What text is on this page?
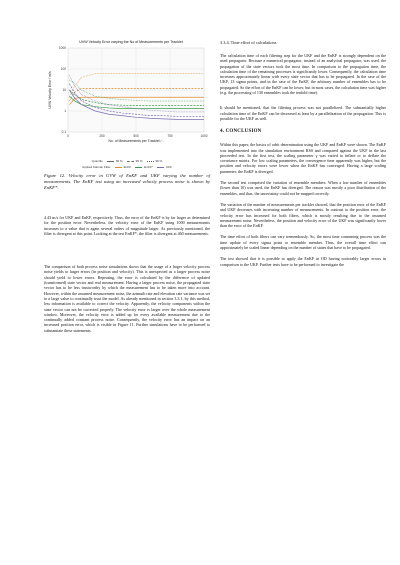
UVW Velocity Error varying the No of Measurements per Tracklet
0.1
1
10
100
1000
0	250	500	750	1000
No. of Measurements per Tracklet / -
UVW Velocity Error / m/s
Quantile	90 %	95 %	99 %
Applied Kalman Filter	EnKF	EnKF*	UKF
Figure 12. Velocity error in UVW of EnKF and UKF varying the number of measurements. The EnKF test using an increased velocity process noise is shown by EnKF*.

4.43 m/s for UKF and EnKF, respectively. Thus, the error of the EnKF is by far larger as determined for the position error. Nevertheless, the velocity error of the EnKF using 1000 measurements increases to a value that is again several orders of magnitude larger. As previously mentioned, the filter is divergent at this point. Looking at the test EnKF*, the filter is divergent at 460 measurements.

The comparison of both process noise simulations shows that the usage of a larger velocity process noise yields to larger errors (in position and velocity). This is unexpected as a larger process noise should yield to lower errors. Repeating, the error is calculated by the difference of updated (transformed) state vector and real measurement. Having a larger process noise, the propagated state vector has to be less trustworthy by which the measurement has to be taken more into account. However, within the assumed measurement noise, the azimuth rate and elevation rate variance was set to a large value to continually trust the model. As already mentioned in section 3.3.1, by this method, less information is available to correct the velocity. Apparently, the velocity components within the state vector can not be corrected properly. The velocity error is larger over the whole measurement window. Moreover, the velocity error is added up for every available measurement due to the continually added constant process noise. Consequently, the velocity error has an impact on an increased position error, which is visible in Figure 11. Further simulations have to be performed to substantiate these statements.

3.3.4. Time effort of calculations

The calculation time of each filtering step for the UKF and the EnKF is strongly dependent on the used propagator. Because a numerical propagator, instead of an analytical propagator, was used, the propagation of the state vectors took the most time. In comparison to the propagation time, the calculation time of the remaining processes is significantly lower. Consequently, the calculation time increases approximately linear with every state vector that has to be propagated. In the case of the UKF, 13 sigma points, and in the case of the EnKF, the arbitrary number of ensembles has to be propagated. So the effort of the EnKF can be lower, but in most cases, the calculation time was higher (e.g. the processing of 130 ensembles took the tenfold time).

It should be mentioned, that the filtering process was not parallelized. The substantially higher calculation time of the EnKF can be decreased at least by a parallelization of the propagation. This is possible for the UKF as well.

4. CONCLUSION

Within this paper, the basics of orbit determination using the UKF and EnKF were shown. The EnKF was implemented into the simulation environment RSS and compared against the UKF in the last proceeded test. In the first test, the scaling parameter γ was varied to inflate or to deflate the covariance matrix. For low scaling parameters, the convergence time apparently was higher, but the position and velocity errors were lower when the EnKF has converged. Having a large scaling parameter, the EnKF is diverged.

The second test comprised the variation of ensemble members. When a low number of ensembles (lower than 10) was used, the EnKF has diverged. The reason was mostly a poor distribution of the ensembles, and thus, the uncertainty could not be mapped correctly.

The variation of the number of measurements per tracklet showed, that the position error of the EnKF and UKF decreases with increasing number of measurements. In contrast to the position error, the velocity error has increased for both filters, which is mostly resulting due to the assumed measurement noise. Nevertheless, the position and velocity error of the UKF was significantly lower than the error of the EnKF.

The time effort of both filters can vary tremendously. So, the most time consuming process was the time update of every sigma point or ensemble member. Thus, the overall time effort can approximately be scaled linear depending on the number of states that have to be propagated.

The test showed that it is possible to apply the EnKF in OD having noticeably larger errors in comparison to the UKF. Further tests have to be performed to investigate the
